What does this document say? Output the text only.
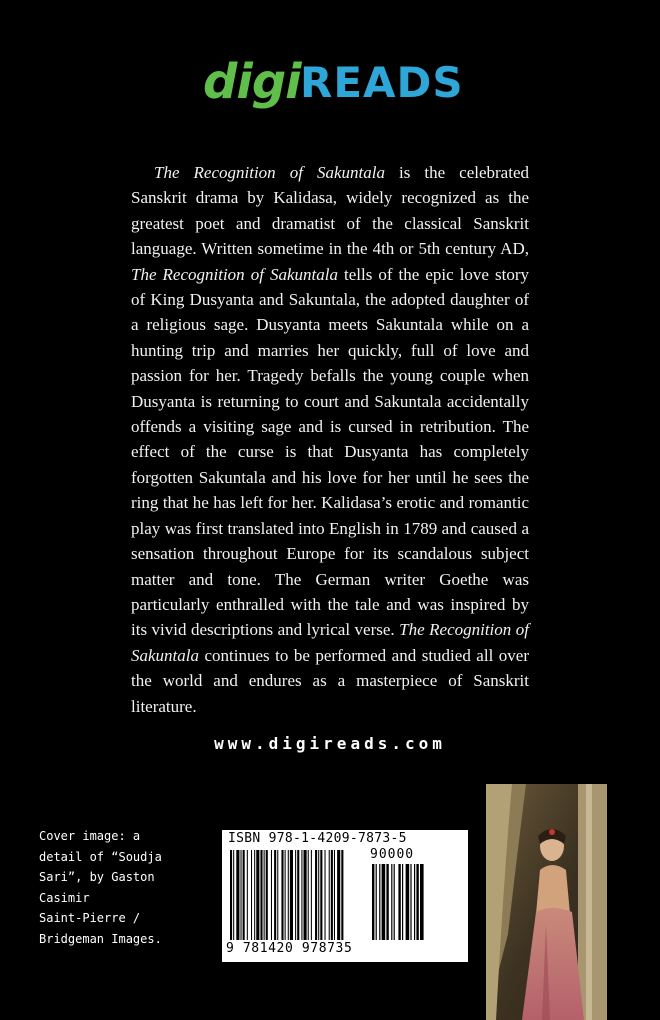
digi READS

The Recognition of Sakuntala is the celebrated Sanskrit drama by Kalidasa, widely recognized as the greatest poet and dramatist of the classical Sanskrit language. Written sometime in the 4th or 5th century AD, The Recognition of Sakuntala tells of the epic love story of King Dusyanta and Sakuntala, the adopted daughter of a religious sage. Dusyanta meets Sakuntala while on a hunting trip and marries her quickly, full of love and passion for her. Tragedy befalls the young couple when Dusyanta is returning to court and Sakuntala accidentally offends a visiting sage and is cursed in retribution. The effect of the curse is that Dusyanta has completely forgotten Sakuntala and his love for her until he sees the ring that he has left for her. Kalidasa’s erotic and romantic play was first translated into English in 1789 and caused a sensation throughout Europe for its scandalous subject matter and tone. The German writer Goethe was particularly enthralled with the tale and was inspired by its vivid descriptions and lyrical verse. The Recognition of Sakuntala continues to be performed and studied all over the world and endures as a masterpiece of Sanskrit literature.

www.digireads.com
Cover image: a
detail of “Soudja
Sari”, by Gaston
Casimir
Saint-Pierre /
Bridgeman Images.
ISBN 978-1-4209-7873-5
90000
9 781420 978735
